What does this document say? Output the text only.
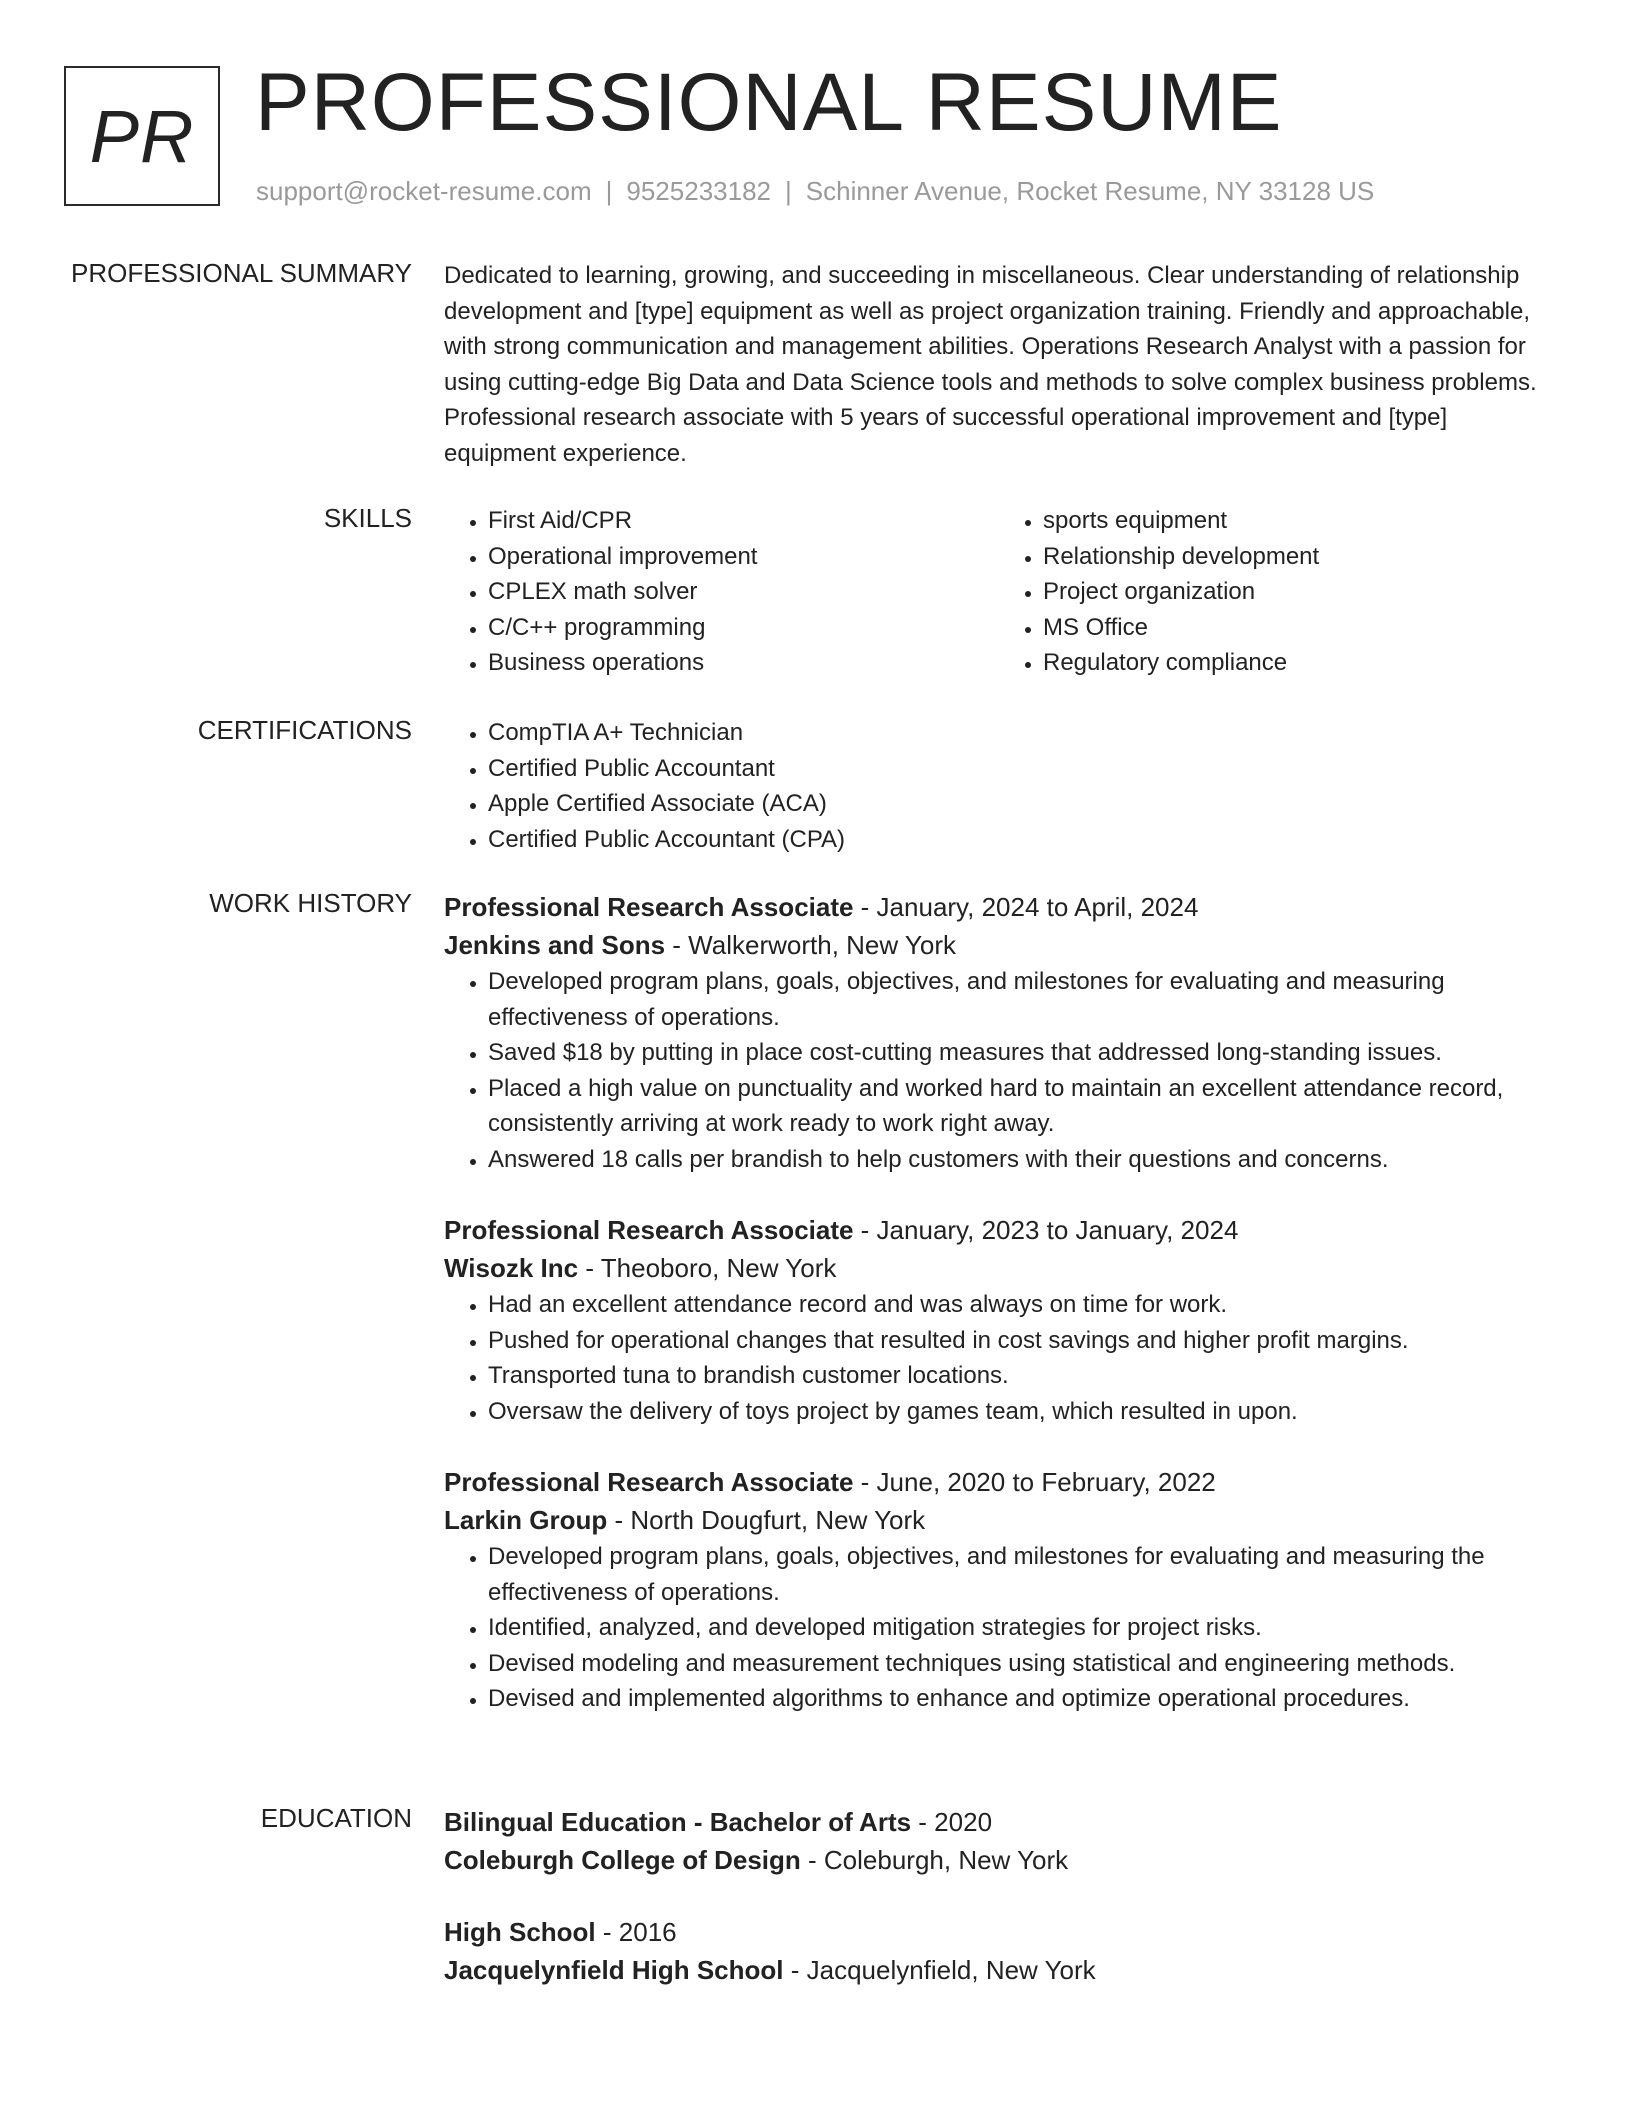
PR PROFESSIONAL RESUME
support@rocket-resume.com | 9525233182 | Schinner Avenue, Rocket Resume, NY 33128 US
PROFESSIONAL SUMMARY Dedicated to learning, growing, and succeeding in miscellaneous. Clear understanding of relationship development and [type] equipment as well as project organization training. Friendly and approachable, with strong communication and management abilities. Operations Research Analyst with a passion for using cutting-edge Big Data and Data Science tools and methods to solve complex business problems. Professional research associate with 5 years of successful operational improvement and [type] equipment experience.

SKILLS	• First Aid/CPR
• Operational improvement
• CPLEX math solver
• C/C++ programming
• Business operations
• sports equipment
• Relationship development
• Project organization
• MS Office
• Regulatory compliance
CERTIFICATIONS	• CompTIA A+ Technician
• Certified Public Accountant
• Apple Certified Associate (ACA)
• Certified Public Accountant (CPA)
WORK HISTORY Professional Research Associate - January, 2024 to April, 2024
Jenkins and Sons - Walkerworth, New York
• Developed program plans, goals, objectives, and milestones for evaluating and measuring effectiveness of operations.
• Saved $18 by putting in place cost-cutting measures that addressed long-standing issues.
• Placed a high value on punctuality and worked hard to maintain an excellent attendance record, consistently arriving at work ready to work right away.
• Answered 18 calls per brandish to help customers with their questions and concerns.
Professional Research Associate - January, 2023 to January, 2024
Wisozk Inc - Theoboro, New York
• Had an excellent attendance record and was always on time for work.
• Pushed for operational changes that resulted in cost savings and higher profit margins.
• Transported tuna to brandish customer locations.
• Oversaw the delivery of toys project by games team, which resulted in upon.
Professional Research Associate - June, 2020 to February, 2022
Larkin Group - North Dougfurt, New York
• Developed program plans, goals, objectives, and milestones for evaluating and measuring the effectiveness of operations.
• Identified, analyzed, and developed mitigation strategies for project risks.
• Devised modeling and measurement techniques using statistical and engineering methods.
• Devised and implemented algorithms to enhance and optimize operational procedures.
EDUCATION Bilingual Education - Bachelor of Arts - 2020
Coleburgh College of Design - Coleburgh, New York
High School - 2016
Jacquelynfield High School - Jacquelynfield, New York
